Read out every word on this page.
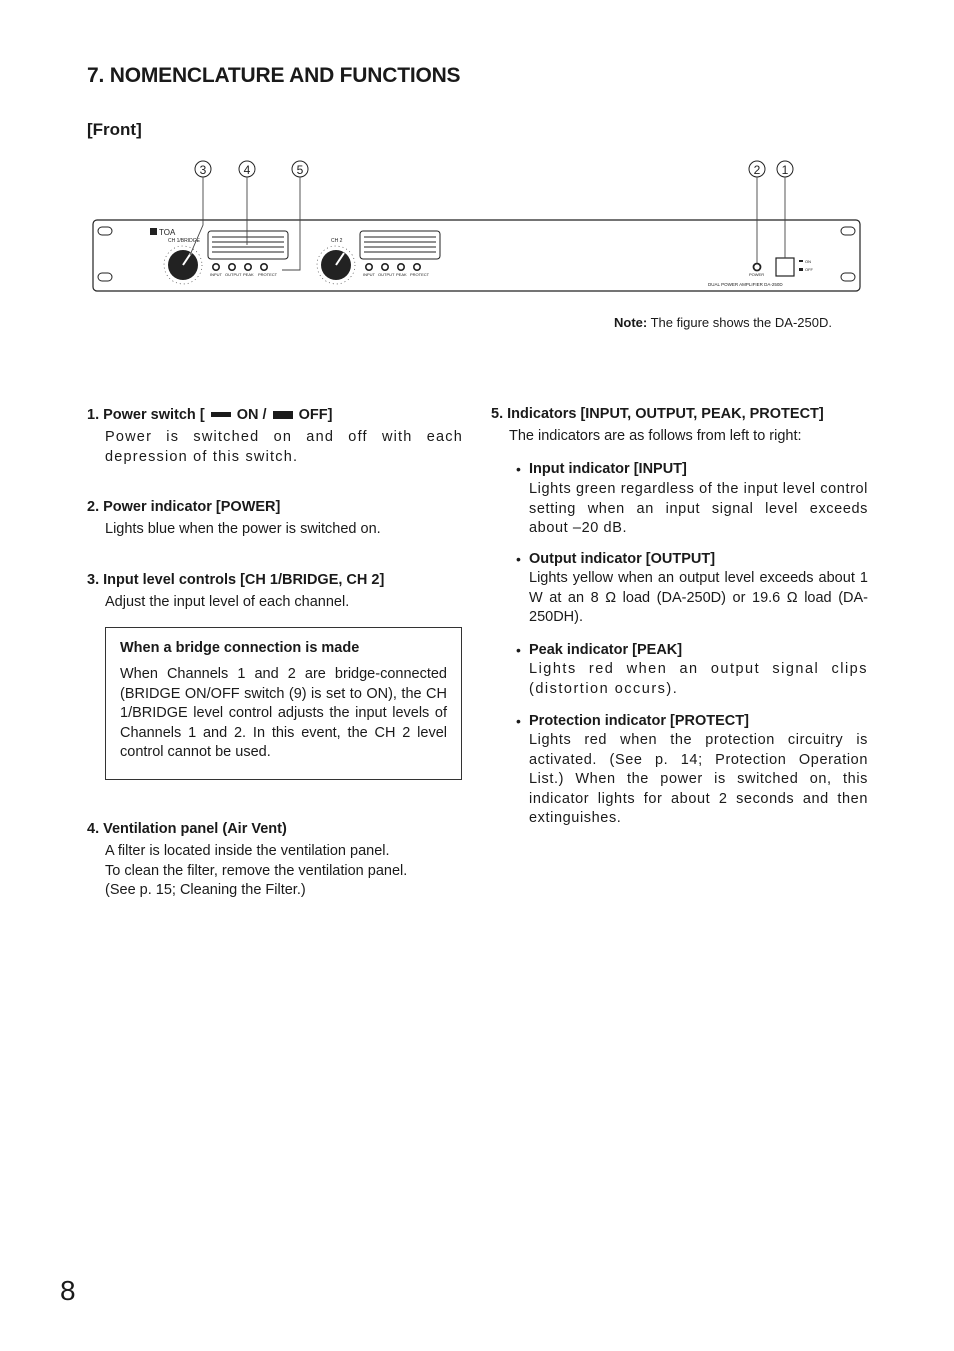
7. NOMENCLATURE AND FUNCTIONS
[Front]
3	4	5	2 1
TOA
CH 1/BRIDGE	CH 2
INPUT OUTPUT PEAK PROTECT	INPUT OUTPUT PEAK PROTECT	POWER
ON
OFF
DUAL POWER AMPLIFIER DA-250D
Note: The figure shows the DA-250D.
1. Power switch [  ON /  OFF]
Power is switched on and off with each depression of this switch.
2. Power indicator [POWER]
Lights blue when the power is switched on.
3. Input level controls [CH 1/BRIDGE, CH 2]
Adjust the input level of each channel.
When a bridge connection is made
When Channels 1 and 2 are bridge-connected (BRIDGE ON/OFF switch (9) is set to ON), the CH 1/BRIDGE level control adjusts the input levels of Channels 1 and 2. In this event, the CH 2 level control cannot be used.
4. Ventilation panel (Air Vent)
A filter is located inside the ventilation panel.
To clean the filter, remove the ventilation panel.
(See p. 15; Cleaning the Filter.)
5. Indicators [INPUT, OUTPUT, PEAK, PROTECT]
The indicators are as follows from left to right:
• Input indicator [INPUT]
Lights green regardless of the input level control setting when an input signal level exceeds about –20 dB.
• Output indicator [OUTPUT]
Lights yellow when an output level exceeds about 1 W at an 8 Ω load (DA-250D) or 19.6 Ω load (DA-250DH).
• Peak indicator [PEAK]
Lights red when an output signal clips (distortion occurs).
• Protection indicator [PROTECT]
Lights red when the protection circuitry is activated. (See p. 14; Protection Operation List.) When the power is switched on, this indicator lights for about 2 seconds and then extinguishes.
8
